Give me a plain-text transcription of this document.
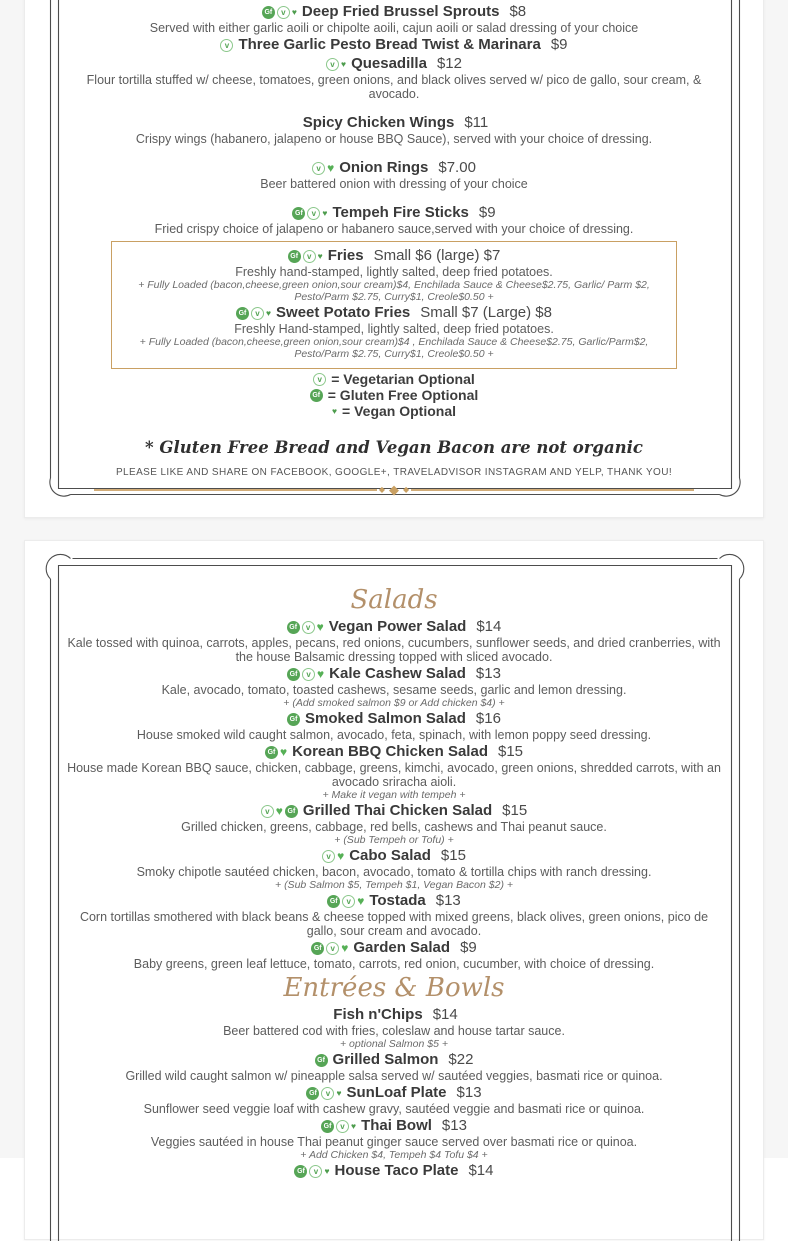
Gf	v ♥ Deep Fried Brussel Sprouts $8
Served with either garlic aoili or chipolte aoili, cajun aoili or salad dressing of your choice
v Three Garlic Pesto Bread Twist & Marinara $9
v ♥ Quesadilla $12
Flour tortilla stuffed w/ cheese, tomatoes, green onions, and black olives served w/ pico de gallo, sour cream, & avocado.
Spicy Chicken Wings $11
Crispy wings (habanero, jalapeno or house BBQ Sauce), served with your choice of dressing.
v ♥ Onion Rings $7.00
Beer battered onion with dressing of your choice
Gf	v ♥ Tempeh Fire Sticks $9
Fried crispy choice of jalapeno or habanero sauce,served with your choice of dressing.
Gf	v ♥ Fries Small $6 (large) $7
Freshly hand-stamped, lightly salted, deep fried potatoes.
+ Fully Loaded (bacon,cheese,green onion,sour cream)$4, Enchilada Sauce & Cheese$2.75, Garlic/ Parm $2, Pesto/Parm $2.75, Curry$1, Creole$0.50 +
Gf	v ♥ Sweet Potato Fries Small $7 (Large) $8
Freshly Hand-stamped, lightly salted, deep fried potatoes.
+ Fully Loaded (bacon,cheese,green onion,sour cream)$4 , Enchilada Sauce & Cheese$2.75, Garlic/Parm$2, Pesto/Parm $2.75, Curry$1, Creole$0.50 +
v = Vegetarian Optional
Gf = Gluten Free Optional
♥ = Vegan Optional
* Gluten Free Bread and Vegan Bacon are not organic
PLEASE LIKE AND SHARE ON FACEBOOK, GOOGLE+, TRAVELADVISOR INSTAGRAM AND YELP, THANK YOU!
◆ ◆ ◆
Salads
Gf	v ♥ Vegan Power Salad $14
Kale tossed with quinoa, carrots, apples, pecans, red onions, cucumbers, sunflower seeds, and dried cranberries, with the house Balsamic dressing topped with sliced avocado.
Gf	v ♥ Kale Cashew Salad $13
Kale, avocado, tomato, toasted cashews, sesame seeds, garlic and lemon dressing.
+ (Add smoked salmon $9 or Add chicken $4) +
Gf Smoked Salmon Salad $16
House smoked wild caught salmon, avocado, feta, spinach, with lemon poppy seed dressing.
Gf ♥ Korean BBQ Chicken Salad $15
House made Korean BBQ sauce, chicken, cabbage, greens, kimchi, avocado, green onions, shredded carrots, with an avocado sriracha aioli.
+ Make it vegan with tempeh +
v ♥ Gf Grilled Thai Chicken Salad $15
Grilled chicken, greens, cabbage, red bells, cashews and Thai peanut sauce.
+ (Sub Tempeh or Tofu) +
v ♥ Cabo Salad $15
Smoky chipotle sautéed chicken, bacon, avocado, tomato & tortilla chips with ranch dressing.
+ (Sub Salmon $5, Tempeh $1, Vegan Bacon $2) +
Gf	v ♥ Tostada $13
Corn tortillas smothered with black beans & cheese topped with mixed greens, black olives, green onions, pico de gallo, sour cream and avocado.
Gf	v ♥ Garden Salad $9
Baby greens, green leaf lettuce, tomato, carrots, red onion, cucumber, with choice of dressing.
Entrées & Bowls
Fish n'Chips $14
Beer battered cod with fries, coleslaw and house tartar sauce.
+ optional Salmon $5 +
Gf Grilled Salmon $22
Grilled wild caught salmon w/ pineapple salsa served w/ sautéed veggies, basmati rice or quinoa.
Gf	v ♥ SunLoaf Plate $13
Sunflower seed veggie loaf with cashew gravy, sautéed veggie and basmati rice or quinoa.
Gf	v ♥ Thai Bowl $13
Veggies sautéed in house Thai peanut ginger sauce served over basmati rice or quinoa.
+ Add Chicken $4, Tempeh $4 Tofu $4 +
Gf	v ♥ House Taco Plate $14
